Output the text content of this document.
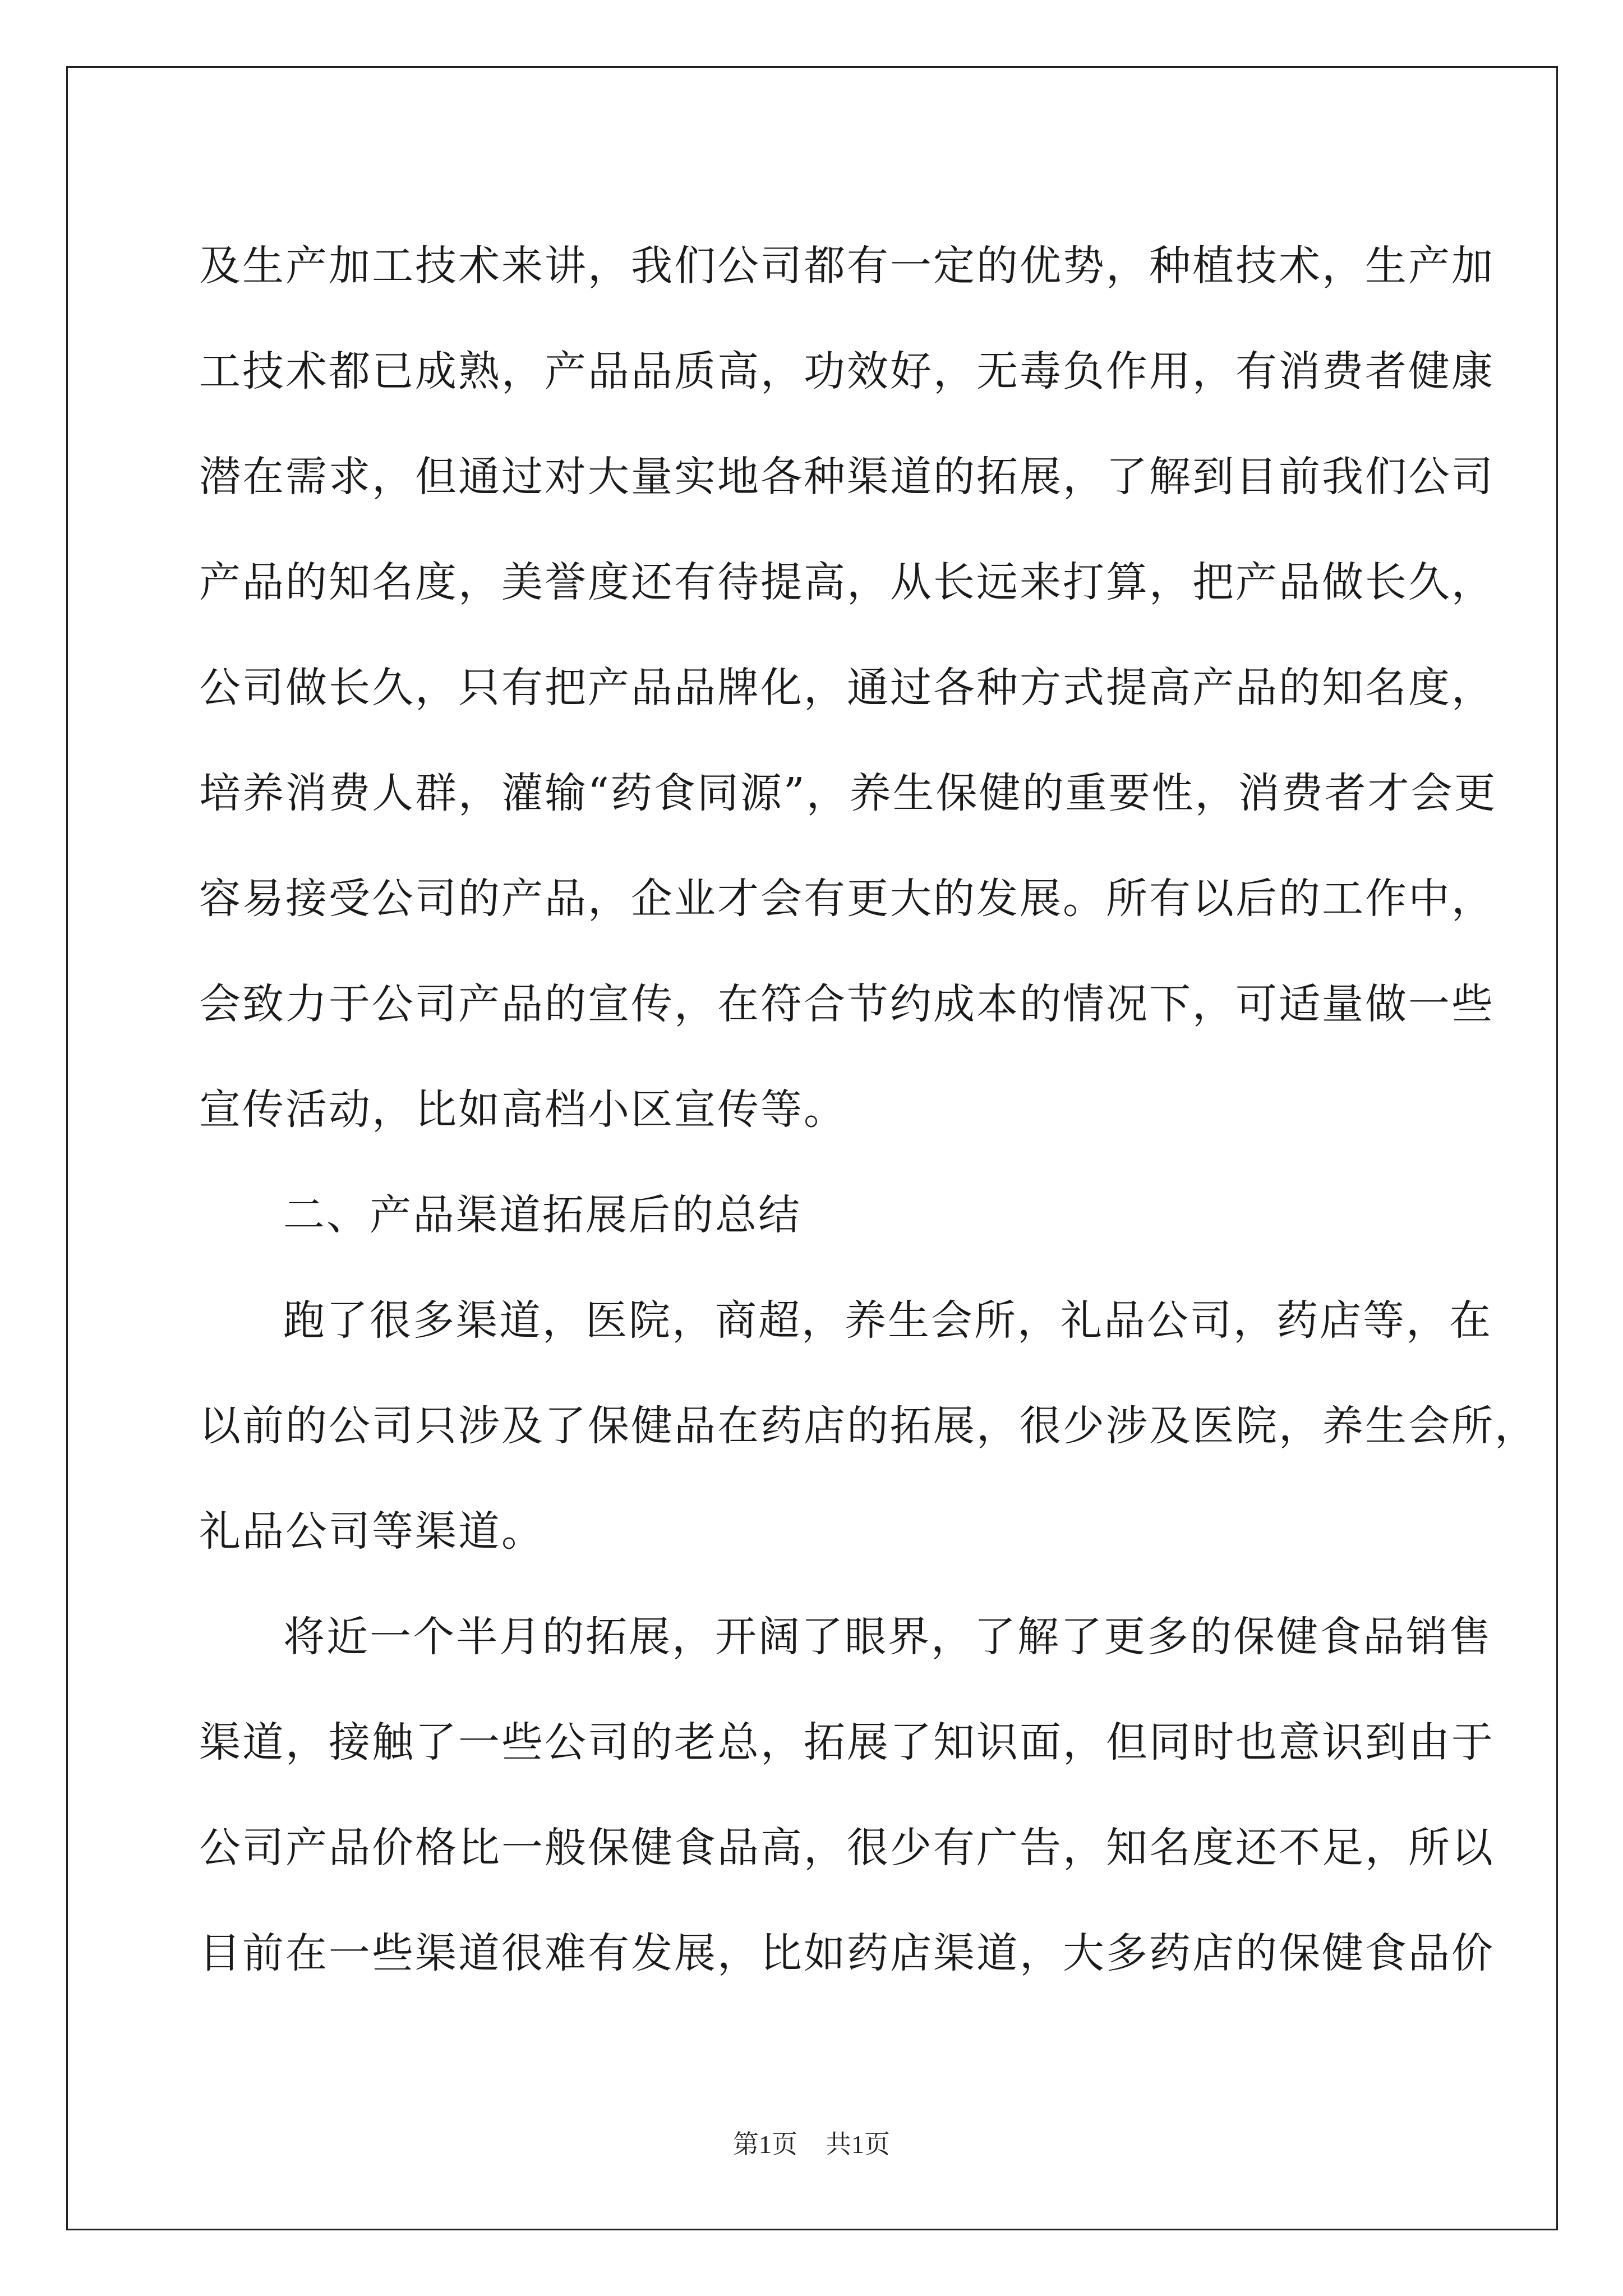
及生产加工技术来讲，我们公司都有一定的优势，种植技术，生产加
工技术都已成熟，产品品质高，功效好，无毒负作用，有消费者健康
潜在需求，但通过对大量实地各种渠道的拓展，了解到目前我们公司
产品的知名度，美誉度还有待提高，从长远来打算，把产品做长久，
公司做长久，只有把产品品牌化，通过各种方式提高产品的知名度，
培养消费人群，灌输“药食同源”，养生保健的重要性，消费者才会更
容易接受公司的产品，企业才会有更大的发展。所有以后的工作中，
会致力于公司产品的宣传，在符合节约成本的情况下，可适量做一些
宣传活动，比如高档小区宣传等。
二、产品渠道拓展后的总结
跑了很多渠道，医院，商超，养生会所，礼品公司，药店等，在
以前的公司只涉及了保健品在药店的拓展，很少涉及医院，养生会所，
礼品公司等渠道。
将近一个半月的拓展，开阔了眼界，了解了更多的保健食品销售
渠道，接触了一些公司的老总，拓展了知识面，但同时也意识到由于
公司产品价格比一般保健食品高，很少有广告，知名度还不足，所以
目前在一些渠道很难有发展，比如药店渠道，大多药店的保健食品价
第1页 共1页
